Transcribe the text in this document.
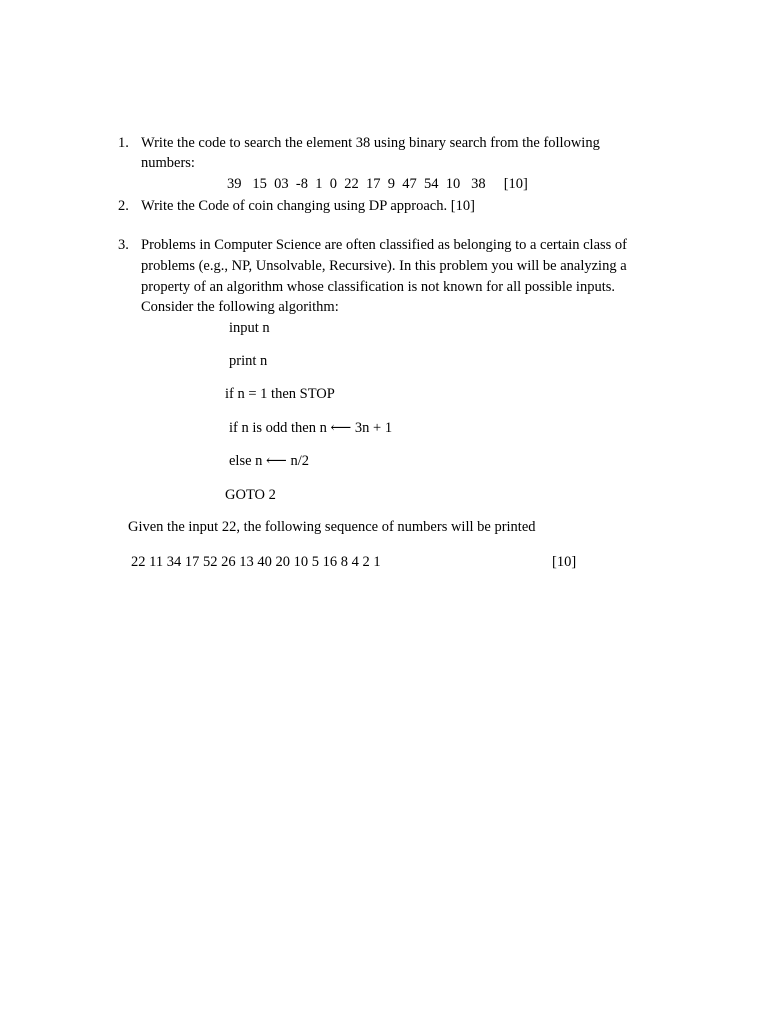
1. Write the code to search the element 38 using binary search from the following
numbers:
39   15  03  -8  1  0  22  17  9  47  54  10   38     [10]
2. Write the Code of coin changing using DP approach. [10]
3. Problems in Computer Science are often classified as belonging to a certain class of
problems (e.g., NP, Unsolvable, Recursive). In this problem you will be analyzing a
property of an algorithm whose classification is not known for all possible inputs.
Consider the following algorithm:
input n
print n
if n = 1 then STOP
if n is odd then n ⟵ 3n + 1
else n ⟵ n/2
GOTO 2
Given the input 22, the following sequence of numbers will be printed
22 11 34 17 52 26 13 40 20 10 5 16 8 4 2 1	[10]
